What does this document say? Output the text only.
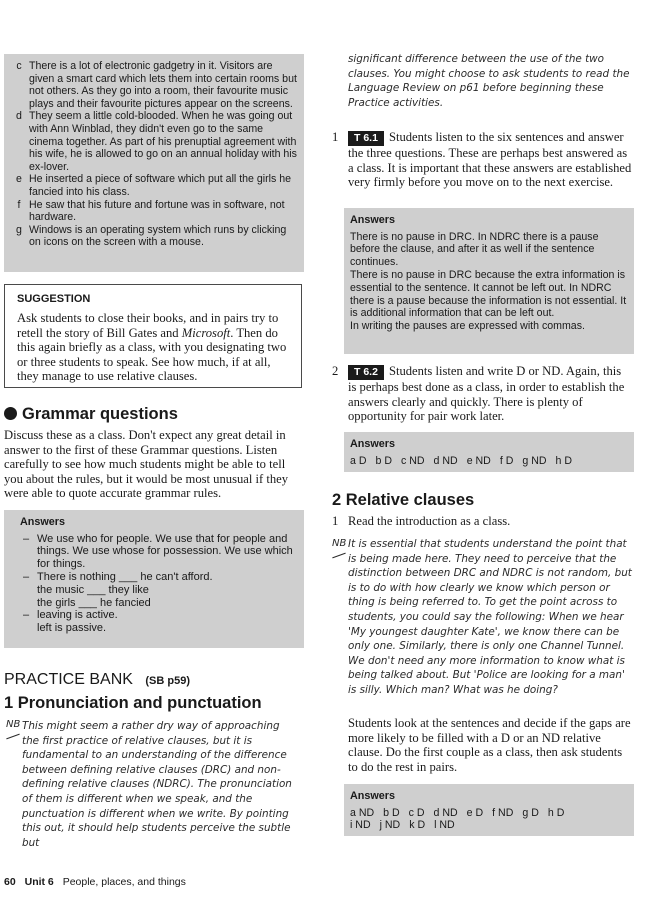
c There is a lot of electronic gadgetry in it. Visitors are given a smart card which lets them into certain rooms but not others. As they go into a room, their favourite music plays and their favourite pictures appear on the screens.
d They seem a little cold-blooded. When he was going out with Ann Winblad, they didn't even go to the same cinema together. As part of his prenuptial agreement with his wife, he is allowed to go on an annual holiday with his ex-lover.
e He inserted a piece of software which put all the girls he fancied into his class.
f He saw that his future and fortune was in software, not hardware.
g Windows is an operating system which runs by clicking on icons on the screen with a mouse.
SUGGESTION
Ask students to close their books, and in pairs try to retell the story of Bill Gates and Microsoft. Then do this again briefly as a class, with you designating two or three students to speak. See how much, if at all, they manage to use relative clauses.
Grammar questions
Discuss these as a class. Don't expect any great detail in answer to the first of these Grammar questions. Listen carefully to see how much students might be able to tell you about the rules, but it would be most unusual if they were able to quote accurate grammar rules.
Answers
– We use who for people. We use that for people and things. We use whose for possession. We use which for things.
– There is nothing ___ he can't afford.
the music ___ they like
the girls ___ he fancied
– leaving is active.
left is passive.
PRACTICE BANK (SB p59)
1 Pronunciation and punctuation
NB This might seem a rather dry way of approaching the first practice of relative clauses, but it is fundamental to an understanding of the difference between defining relative clauses (DRC) and non-defining relative clauses (NDRC). The pronunciation of them is different when we speak, and the punctuation is different when we write. By pointing this out, it should help students perceive the subtle but
significant difference between the use of the two clauses. You might choose to ask students to read the Language Review on p61 before beginning these Practice activities.
1	T 6.1 Students listen to the six sentences and answer the three questions. These are perhaps best answered as a class. It is important that these answers are established very firmly before you move on to the next exercise.
Answers
There is no pause in DRC. In NDRC there is a pause before the clause, and after it as well if the sentence continues.
There is no pause in DRC because the extra information is essential to the sentence. It cannot be left out. In NDRC there is a pause because the information is not essential. It is additional information that can be left out.
In writing the pauses are expressed with commas.
2	T 6.2 Students listen and write D or ND. Again, this is perhaps best done as a class, in order to establish the answers clearly and quickly. There is plenty of opportunity for pair work later.
Answers
a D b D c ND d ND e ND f D g ND h D
2 Relative clauses
1 Read the introduction as a class.
NB It is essential that students understand the point that is being made here. They need to perceive that the distinction between DRC and NDRC is not random, but is to do with how clearly we know which person or thing is being referred to. To get the point across to students, you could say the following: When we hear 'My youngest daughter Kate', we know there can be only one. Similarly, there is only one Channel Tunnel. We don't need any more information to know what is being talked about. But 'Police are looking for a man' is silly. Which man? What was he doing?
Students look at the sentences and decide if the gaps are more likely to be filled with a D or an ND relative clause. Do the first couple as a class, then ask students to do the rest in pairs.
Answers
a ND b D c D d ND e D f ND g D h D
i ND j ND k D l ND
60 Unit 6 People, places, and things
